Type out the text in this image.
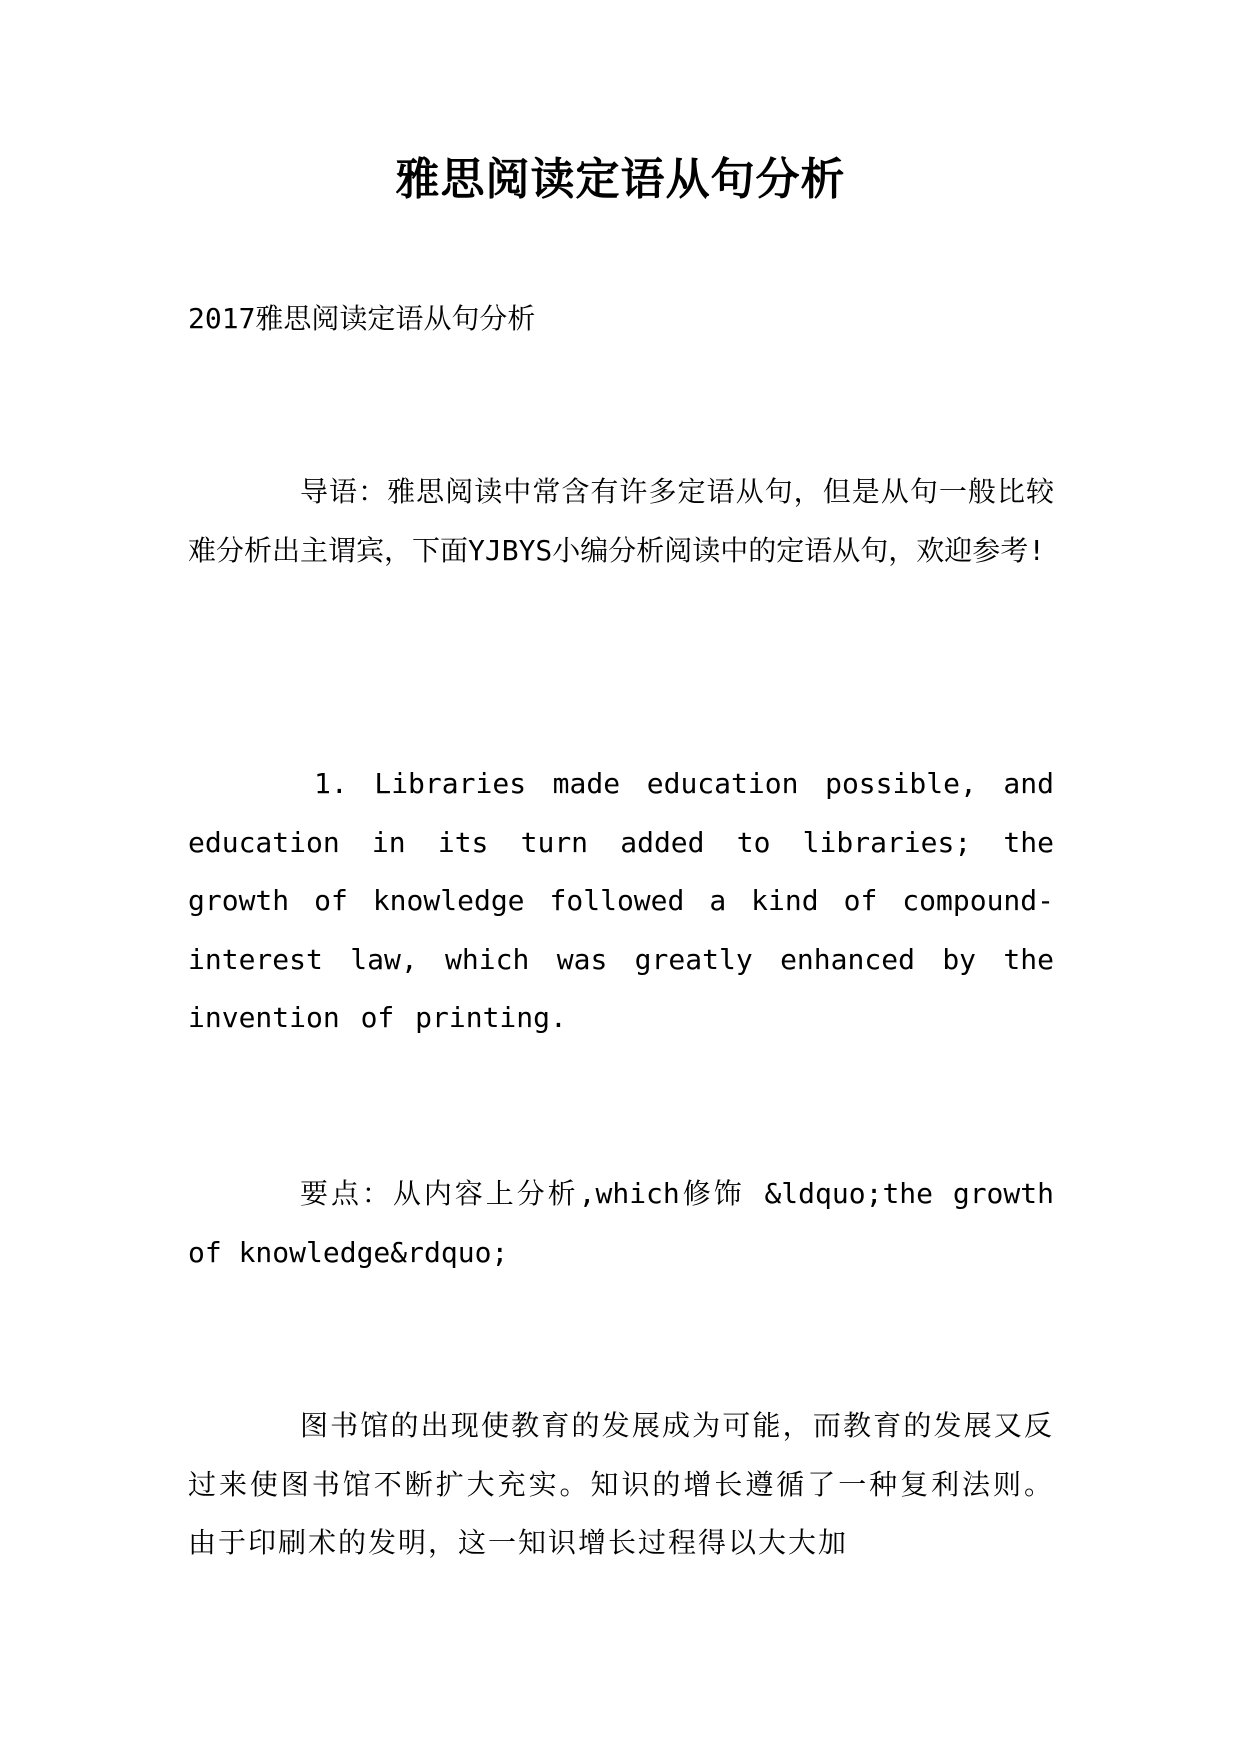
雅思阅读定语从句分析

2017雅思阅读定语从句分析

导语：雅思阅读中常含有许多定语从句，但是从句一般比较难分析出主谓宾，下面YJBYS小编分析阅读中的定语从句，欢迎参考!

1. Libraries made education possible, and education in its turn added to libraries; the growth of knowledge followed a kind of compound-interest law, which was greatly enhanced by the invention of printing.

要点：从内容上分析,which修饰 &ldquo;the growth of knowledge&rdquo;

图书馆的出现使教育的发展成为可能，而教育的发展又反过来使图书馆不断扩大充实。知识的增长遵循了一种复利法则。由于印刷术的发明，这一知识增长过程得以大大加
